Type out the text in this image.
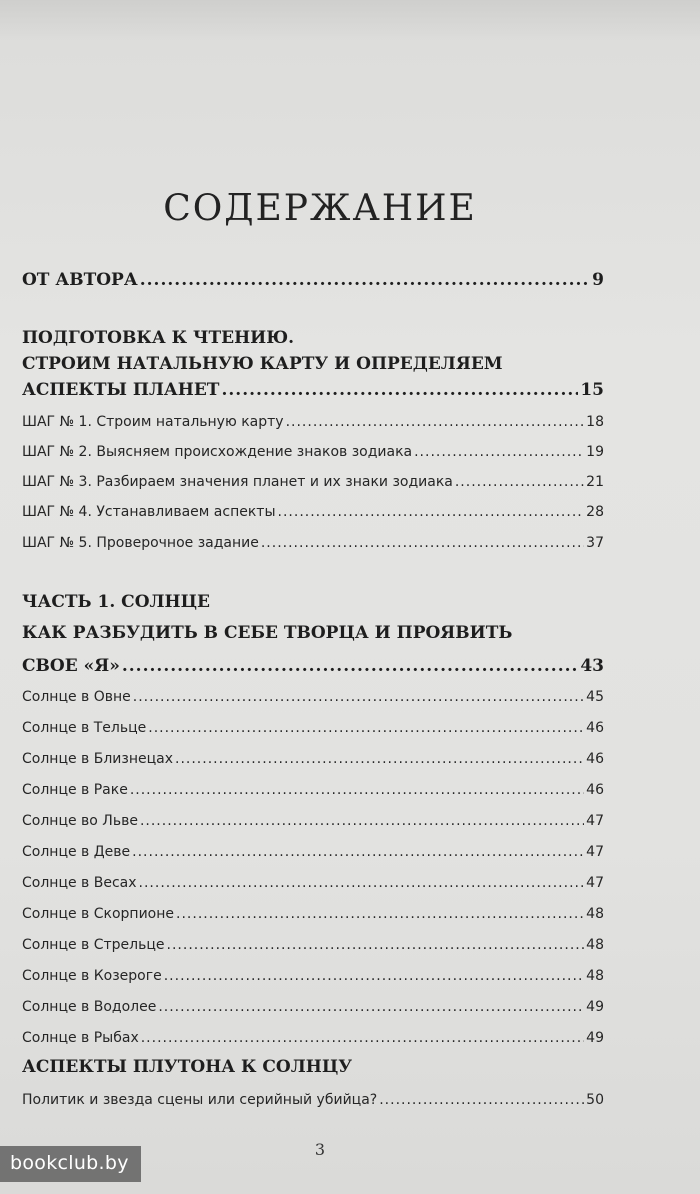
СОДЕРЖАНИЕ
ОТ АВТОРА .....	9
ПОДГОТОВКА К ЧТЕНИЮ.
СТРОИМ НАТАЛЬНУЮ КАРТУ И ОПРЕДЕЛЯЕМ
АСПЕКТЫ ПЛАНЕТ .....	15
ШАГ № 1. Строим натальную карту .....	18
ШАГ № 2. Выясняем происхождение знаков зодиака .....	19
ШАГ № 3. Разбираем значения планет и их знаки зодиака .....	21
ШАГ № 4. Устанавливаем аспекты .....	28
ШАГ № 5. Проверочное задание .....	37
ЧАСТЬ 1. СОЛНЦЕ
КАК РАЗБУДИТЬ В СЕБЕ ТВОРЦА И ПРОЯВИТЬ
СВОЕ «Я» .....	43
Солнце в Овне .....	45
Солнце в Тельце .....	46
Солнце в Близнецах .....	46
Солнце в Раке .....	46
Солнце во Льве .....	47
Солнце в Деве .....	47
Солнце в Весах .....	47
Солнце в Скорпионе .....	48
Солнце в Стрельце .....	48
Солнце в Козероге .....	48
Солнце в Водолее .....	49
Солнце в Рыбах .....	49
АСПЕКТЫ ПЛУТОНА К СОЛНЦУ
Политик и звезда сцены или серийный убийца? .....	50
3
bookclub.by
